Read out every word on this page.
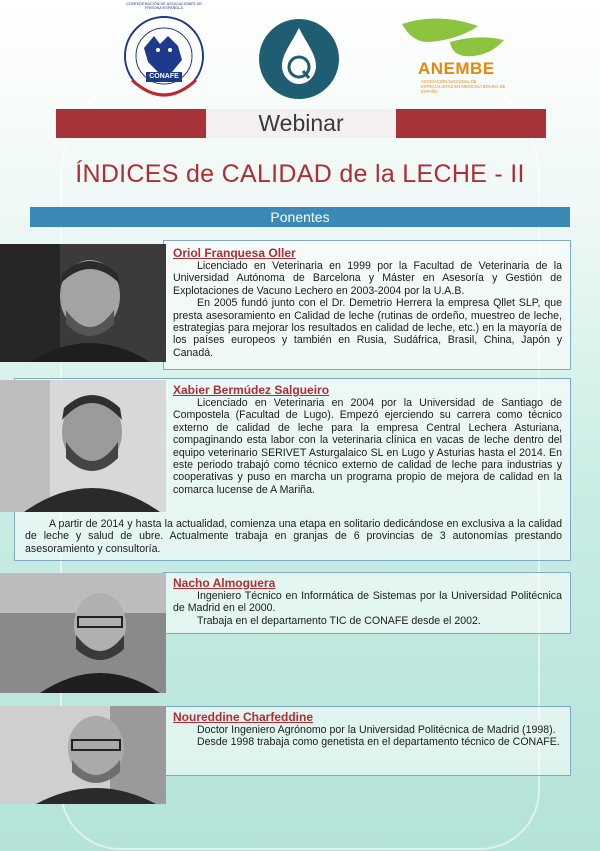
CONAFE
CONFEDERACIÓN DE ASOCIACIONES DE FRISONA ESPAÑOLA
ANEMBE
ASOCIACIÓN NACIONAL DE ESPECIALISTAS EN MEDICINA BOVINA DE ESPAÑA
Webinar
ÍNDICES de CALIDAD de la LECHE - II
Ponentes
Oriol Franquesa Oller
Licenciado en Veterinaria en 1999 por la Facultad de Veterinaria de la Universidad Autónoma de Barcelona y Máster en Asesoría y Gestión de Explotaciones de Vacuno Lechero en 2003-2004 por la U.A.B.
En 2005 fundó junto con el Dr. Demetrio Herrera la empresa Qllet SLP, que presta asesoramiento en Calidad de leche (rutinas de ordeño, muestreo de leche, estrategias para mejorar los resultados en calidad de leche, etc.) en la mayoría de los países europeos y también en Rusia, Sudáfrica, Brasil, China, Japón y Canadá.
Xabier Bermúdez Salgueiro
Licenciado en Veterinaria en 2004 por la Universidad de Santiago de Compostela (Facultad de Lugo). Empezó ejerciendo su carrera como técnico externo de calidad de leche para la empresa Central Lechera Asturiana, compaginando esta labor con la veterinaria clínica en vacas de leche dentro del equipo veterinario SERIVET Asturgalaico SL en Lugo y Asturias hasta el 2014. En este periodo trabajó como técnico externo de calidad de leche para industrias y cooperativas y puso en marcha un programa propio de mejora de calidad en la comarca lucense de A Mariña.
A partir de 2014 y hasta la actualidad, comienza una etapa en solitario dedicándose en exclusiva a la calidad de leche y salud de ubre. Actualmente trabaja en granjas de 6 provincias de 3 autonomías prestando asesoramiento y consultoría.
Nacho Almoguera
Ingeniero Técnico en Informática de Sistemas por la Universidad Politécnica de Madrid en el 2000.
Trabaja en el departamento TIC de CONAFE desde el 2002.
Noureddine Charfeddine
Doctor Ingeniero Agrónomo por la Universidad Politécnica de Madrid (1998).
Desde 1998 trabaja como genetista en el departamento técnico de CONAFE.
